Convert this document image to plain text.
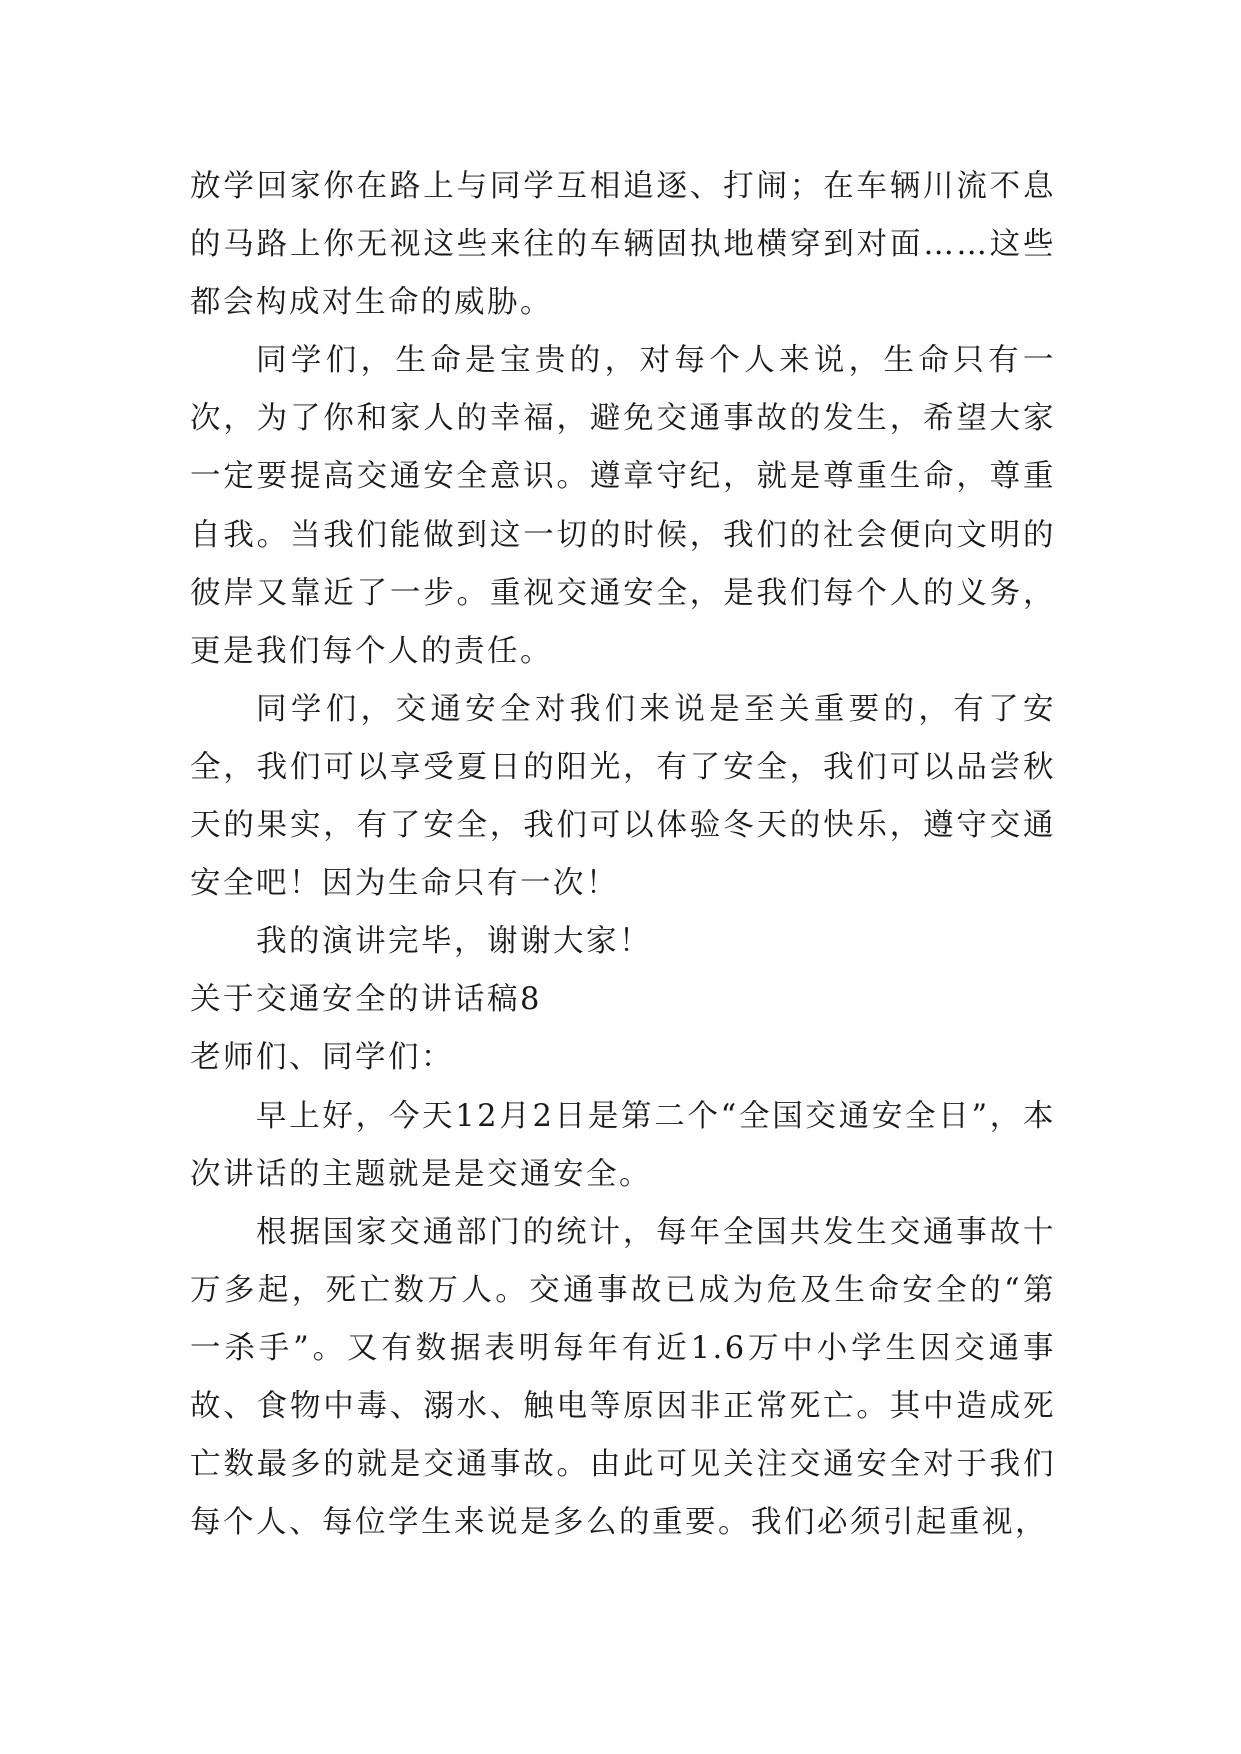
放学回家你在路上与同学互相追逐、打闹；在车辆川流不息的马路上你无视这些来往的车辆固执地横穿到对面……这些都会构成对生命的威胁。

同学们，生命是宝贵的，对每个人来说，生命只有一次，为了你和家人的幸福，避免交通事故的发生，希望大家一定要提高交通安全意识。遵章守纪，就是尊重生命，尊重自我。当我们能做到这一切的时候，我们的社会便向文明的彼岸又靠近了一步。重视交通安全，是我们每个人的义务，更是我们每个人的责任。

同学们，交通安全对我们来说是至关重要的，有了安全，我们可以享受夏日的阳光，有了安全，我们可以品尝秋天的果实，有了安全，我们可以体验冬天的快乐，遵守交通安全吧！因为生命只有一次！

我的演讲完毕，谢谢大家！

关于交通安全的讲话稿8

老师们、同学们：

早上好，今天12月2日是第二个“全国交通安全日”，本次讲话的主题就是是交通安全。

根据国家交通部门的统计，每年全国共发生交通事故十万多起，死亡数万人。交通事故已成为危及生命安全的“第一杀手”。又有数据表明每年有近1.6万中小学生因交通事故、食物中毒、溺水、触电等原因非正常死亡。其中造成死亡数最多的就是交通事故。由此可见关注交通安全对于我们每个人、每位学生来说是多么的重要。我们必须引起重视，
